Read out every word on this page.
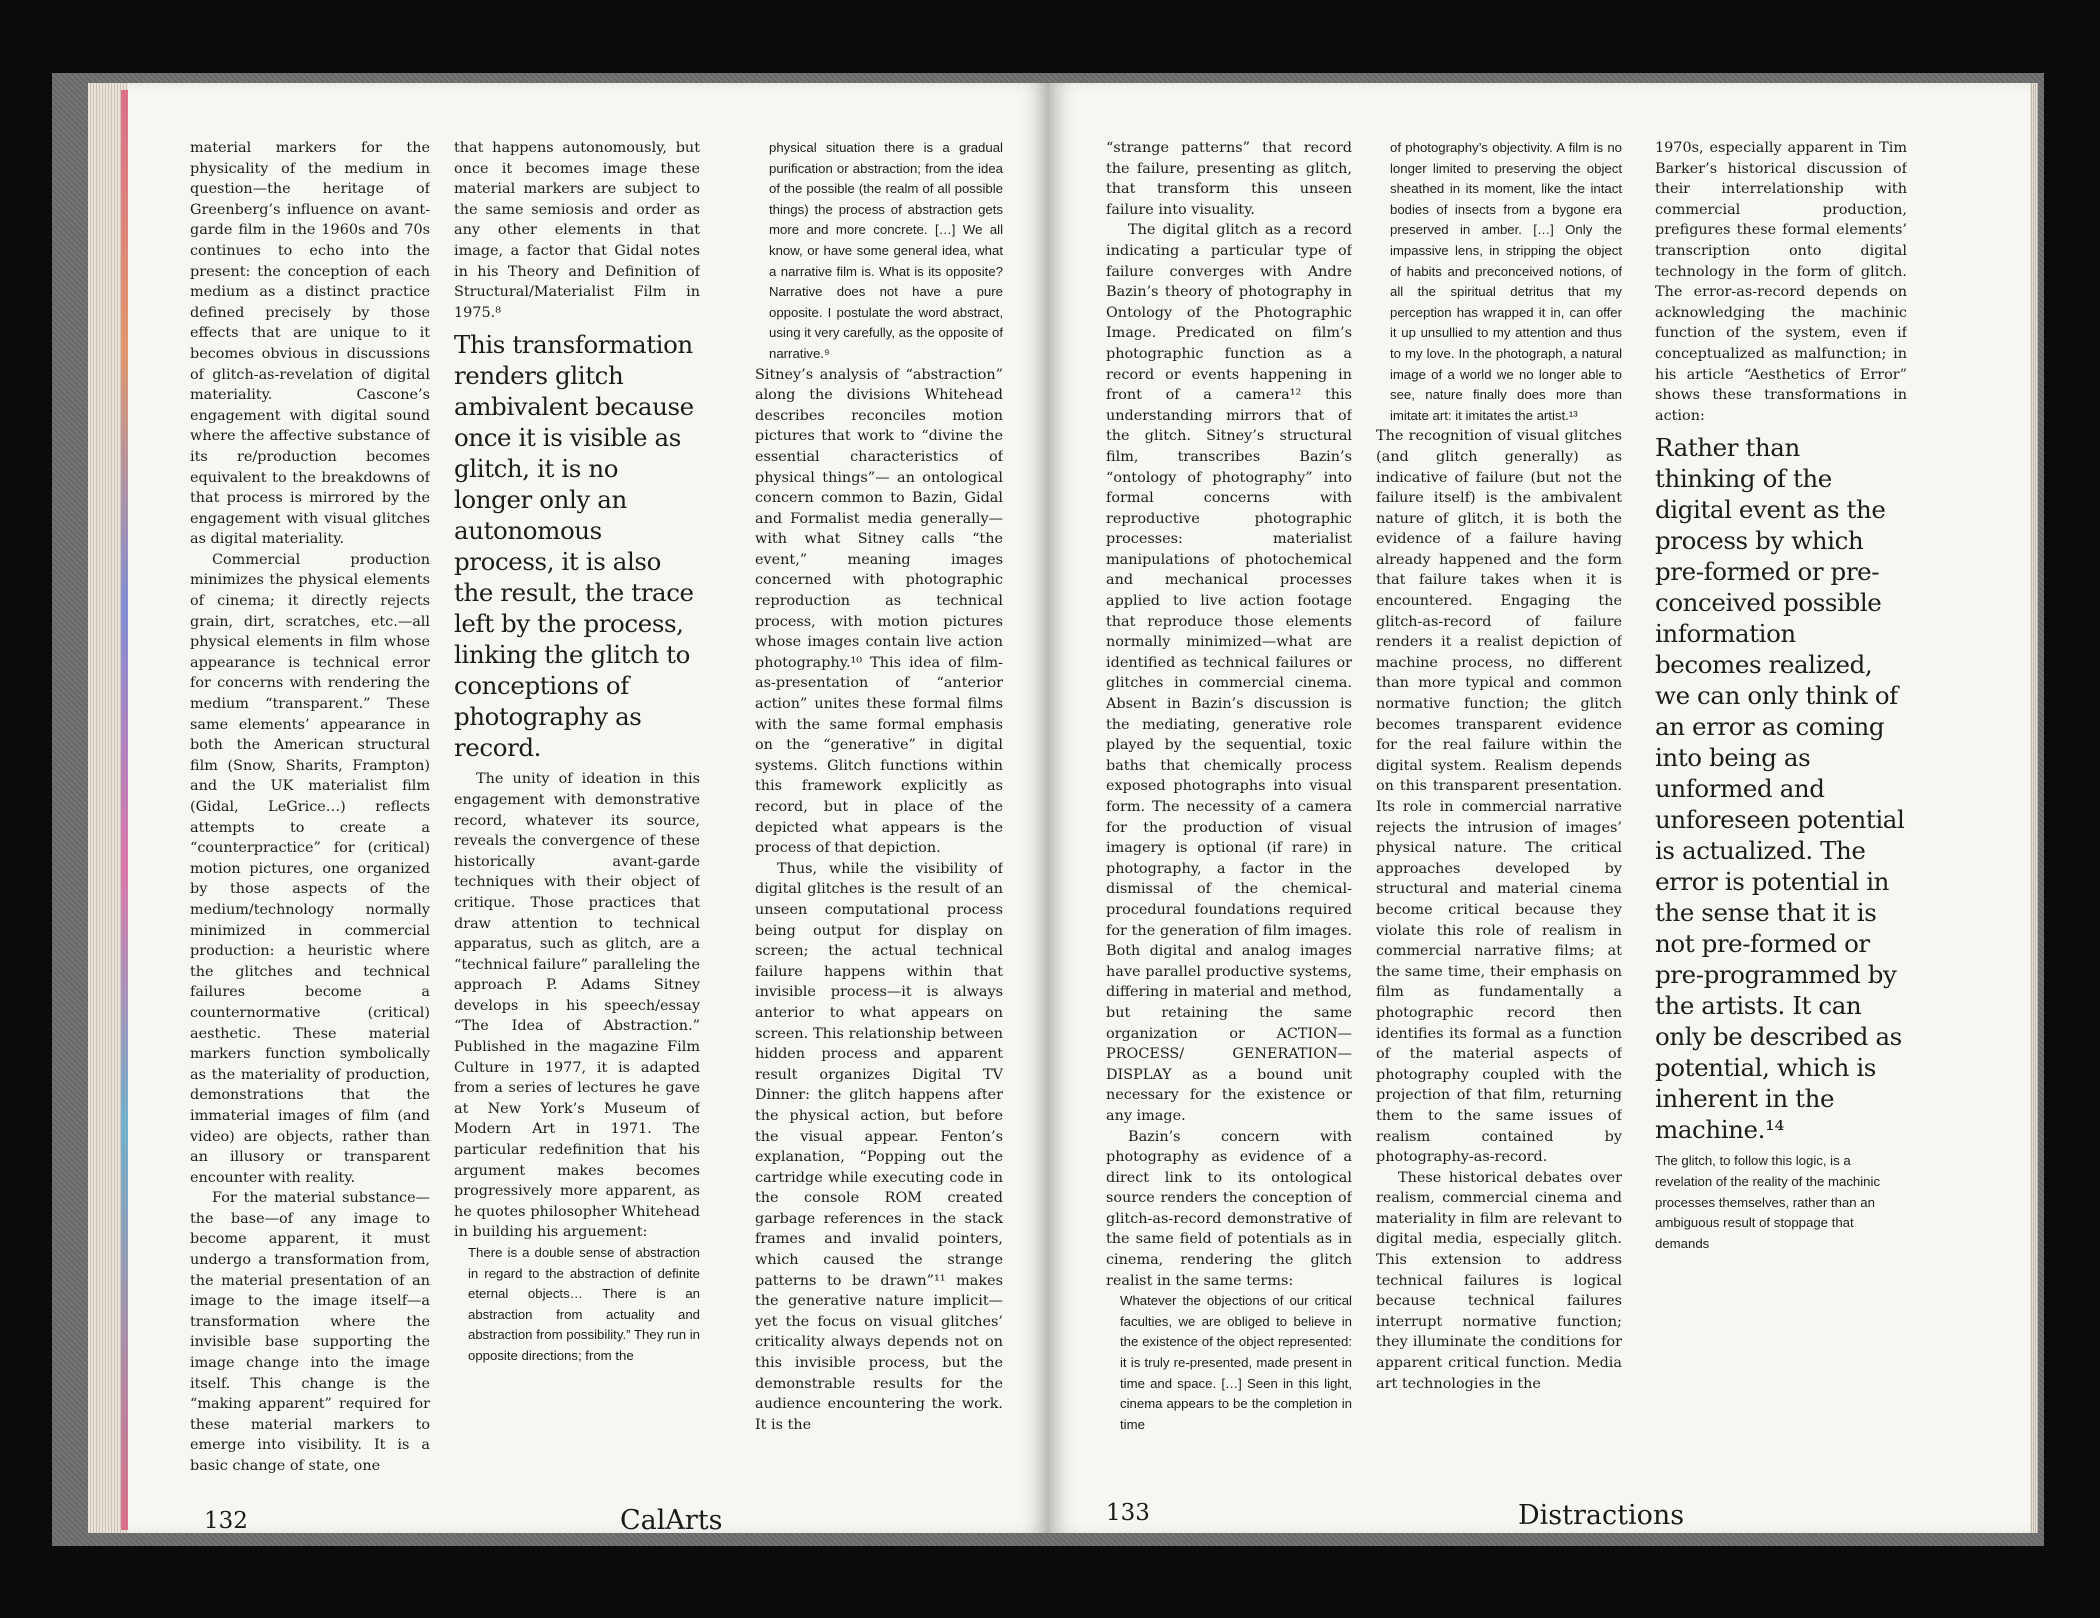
material markers for the physicality of the medium in question—the heritage of Greenberg’s influence on avant-garde film in the 1960s and 70s continues to echo into the present: the conception of each medium as a distinct practice defined precisely by those effects that are unique to it becomes obvious in discussions of glitch-as-revelation of digital materiality. Cascone’s engagement with digital sound where the affective substance of its re/production becomes equivalent to the breakdowns of that process is mirrored by the engagement with visual glitches as digital materiality.

Commercial production minimizes the physical elements of cinema; it directly rejects grain, dirt, scratches, etc.—all physical elements in film whose appearance is technical error for concerns with rendering the medium “transparent.” These same elements’ appearance in both the American structural film (Snow, Sharits, Frampton) and the UK materialist film (Gidal, LeGrice…) reflects attempts to create a “counterpractice” for (critical) motion pictures, one organized by those aspects of the medium/technology normally minimized in commercial production: a heuristic where the glitches and technical failures become a counternormative (critical) aesthetic. These material markers function symbolically as the materiality of production, demonstrations that the immaterial images of film (and video) are objects, rather than an illusory or transparent encounter with reality.

For the material substance—the base—of any image to become apparent, it must undergo a transformation from, the material presentation of an image to the image itself—a transformation where the invisible base supporting the image change into the image itself. This change is the “making apparent” required for these material markers to emerge into visibility. It is a basic change of state, one

that happens autonomously, but once it becomes image these material markers are subject to the same semiosis and order as any other elements in that image, a factor that Gidal notes in his Theory and Definition of Structural/Materialist Film in 1975.⁸

This transformation renders glitch ambivalent because once it is visible as glitch, it is no longer only an autonomous process, it is also the result, the trace left by the process, linking the glitch to conceptions of photography as record.

The unity of ideation in this engagement with demonstrative record, whatever its source, reveals the convergence of these historically avant-garde techniques with their object of critique. Those practices that draw attention to technical apparatus, such as glitch, are a “technical failure” paralleling the approach P. Adams Sitney develops in his speech/essay “The Idea of Abstraction.” Published in the magazine Film Culture in 1977, it is adapted from a series of lectures he gave at New York’s Museum of Modern Art in 1971. The particular redefinition that his argument makes becomes progressively more apparent, as he quotes philosopher Whitehead in building his arguement:

There is a double sense of abstraction in regard to the abstraction of definite eternal objects… There is an abstraction from actuality and abstraction from possibility.” They run in opposite directions; from the

physical situation there is a gradual purification or abstraction; from the idea of the possible (the realm of all possible things) the process of abstraction gets more and more concrete. […] We all know, or have some general idea, what a narrative film is. What is its opposite? Narrative does not have a pure opposite. I postulate the word abstract, using it very carefully, as the opposite of narrative.⁹

Sitney’s analysis of “abstraction” along the divisions Whitehead describes reconciles motion pictures that work to “divine the essential characteristics of physical things”— an ontological concern common to Bazin, Gidal and Formalist media generally—with what Sitney calls “the event,” meaning images concerned with photographic reproduction as technical process, with motion pictures whose images contain live action photography.¹⁰ This idea of film-as-presentation of “anterior action” unites these formal films with the same formal emphasis on the “generative” in digital systems. Glitch functions within this framework explicitly as record, but in place of the depicted what appears is the process of that depiction.

Thus, while the visibility of digital glitches is the result of an unseen computational process being output for display on screen; the actual technical failure happens within that invisible process—it is always anterior to what appears on screen. This relationship between hidden process and apparent result organizes Digital TV Dinner: the glitch happens after the physical action, but before the visual appear. Fenton’s explanation, “Popping out the cartridge while executing code in the console ROM created garbage references in the stack frames and invalid pointers, which caused the strange patterns to be drawn”¹¹ makes the generative nature implicit—yet the focus on visual glitches’ criticality always depends not on this invisible process, but the demonstrable results for the audience encountering the work. It is the

132	CalArts

“strange patterns” that record the failure, presenting as glitch, that transform this unseen failure into visuality.

The digital glitch as a record indicating a particular type of failure converges with Andre Bazin’s theory of photography in Ontology of the Photographic Image. Predicated on film’s photographic function as a record or events happening in front of a camera¹² this understanding mirrors that of the glitch. Sitney’s structural film, transcribes Bazin’s “ontology of photography” into formal concerns with reproductive photographic processes: materialist manipulations of photochemical and mechanical processes applied to live action footage that reproduce those elements normally minimized—what are identified as technical failures or glitches in commercial cinema. Absent in Bazin’s discussion is the mediating, generative role played by the sequential, toxic baths that chemically process exposed photographs into visual form. The necessity of a camera for the production of visual imagery is optional (if rare) in photography, a factor in the dismissal of the chemical-procedural foundations required for the generation of film images. Both digital and analog images have parallel productive systems, differing in material and method, but retaining the same organization or ACTION—PROCESS/ GENERATION—DISPLAY as a bound unit necessary for the existence or any image.

Bazin’s concern with photography as evidence of a direct link to its ontological source renders the conception of glitch-as-record demonstrative of the same field of potentials as in cinema, rendering the glitch realist in the same terms:

Whatever the objections of our critical faculties, we are obliged to believe in the existence of the object represented: it is truly re-presented, made present in time and space. […] Seen in this light, cinema appears to be the completion in time

of photography’s objectivity. A film is no longer limited to preserving the object sheathed in its moment, like the intact bodies of insects from a bygone era preserved in amber. […] Only the impassive lens, in stripping the object of habits and preconceived notions, of all the spiritual detritus that my perception has wrapped it in, can offer it up unsullied to my attention and thus to my love. In the photograph, a natural image of a world we no longer able to see, nature finally does more than imitate art: it imitates the artist.¹³

The recognition of visual glitches (and glitch generally) as indicative of failure (but not the failure itself) is the ambivalent nature of glitch, it is both the evidence of a failure having already happened and the form that failure takes when it is encountered. Engaging the glitch-as-record of failure renders it a realist depiction of machine process, no different than more typical and common normative function; the glitch becomes transparent evidence for the real failure within the digital system. Realism depends on this transparent presentation. Its role in commercial narrative rejects the intrusion of images’ physical nature. The critical approaches developed by structural and material cinema become critical because they violate this role of realism in commercial narrative films; at the same time, their emphasis on film as fundamentally a photographic record then identifies its formal as a function of the material aspects of photography coupled with the projection of that film, returning them to the same issues of realism contained by photography-as-record.

These historical debates over realism, commercial cinema and materiality in film are relevant to digital media, especially glitch. This extension to address technical failures is logical because technical failures interrupt normative function; they illuminate the conditions for apparent critical function. Media art technologies in the

1970s, especially apparent in Tim Barker’s historical discussion of their interrelationship with commercial production, prefigures these formal elements’ transcription onto digital technology in the form of glitch. The error-as-record depends on acknowledging the machinic function of the system, even if conceptualized as malfunction; in his article “Aesthetics of Error” shows these transformations in action:

Rather than thinking of the digital event as the process by which pre-formed or pre-conceived possible information becomes realized, we can only think of an error as coming into being as unformed and unforeseen potential is actualized. The error is potential in the sense that it is not pre-formed or pre-programmed by the artists. It can only be described as potential, which is inherent in the machine.¹⁴

The glitch, to follow this logic, is a revelation of the reality of the machinic processes themselves, rather than an ambiguous result of stoppage that demands

133	Distractions
